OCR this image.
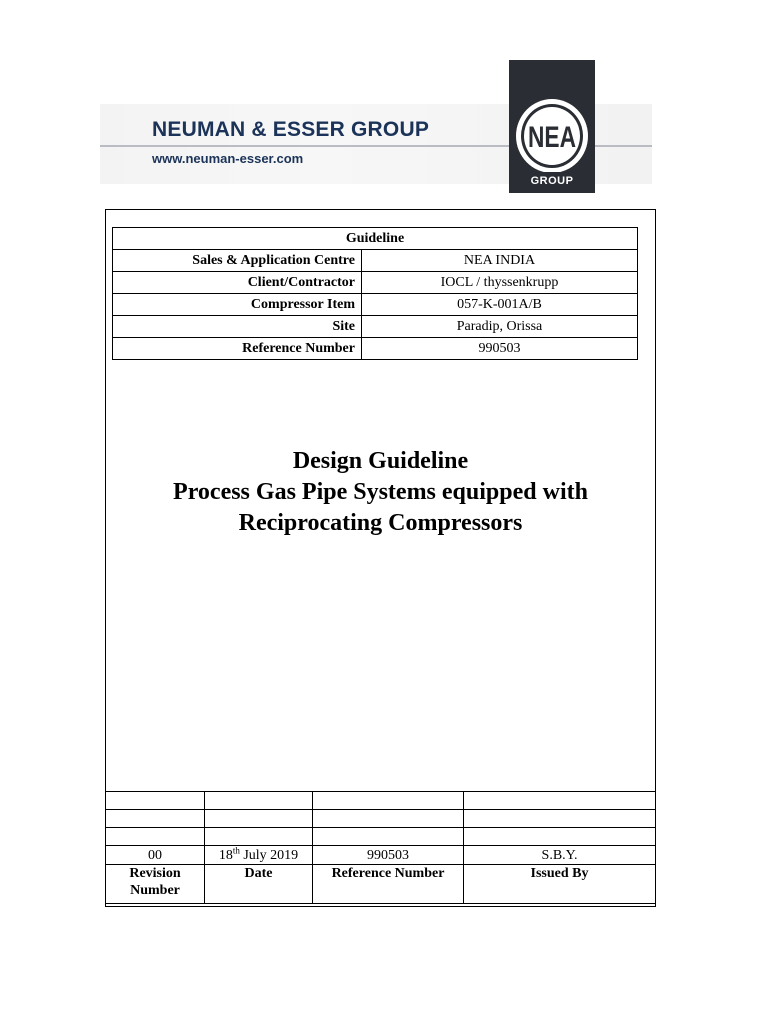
NEUMAN & ESSER GROUP
www.neuman-esser.com
NEA
GROUP
Guideline	
Sales & Application Centre	NEA INDIA
Client/Contractor	IOCL / thyssenkrupp
Compressor Item	057-K-001A/B
Site	Paradip, Orissa
Reference Number	990503
Design Guideline
Process Gas Pipe Systems equipped with
Reciprocating Compressors

00	18th July 2019	990503	S.B.Y.

Revision
Number	Date	Reference Number	Issued By
